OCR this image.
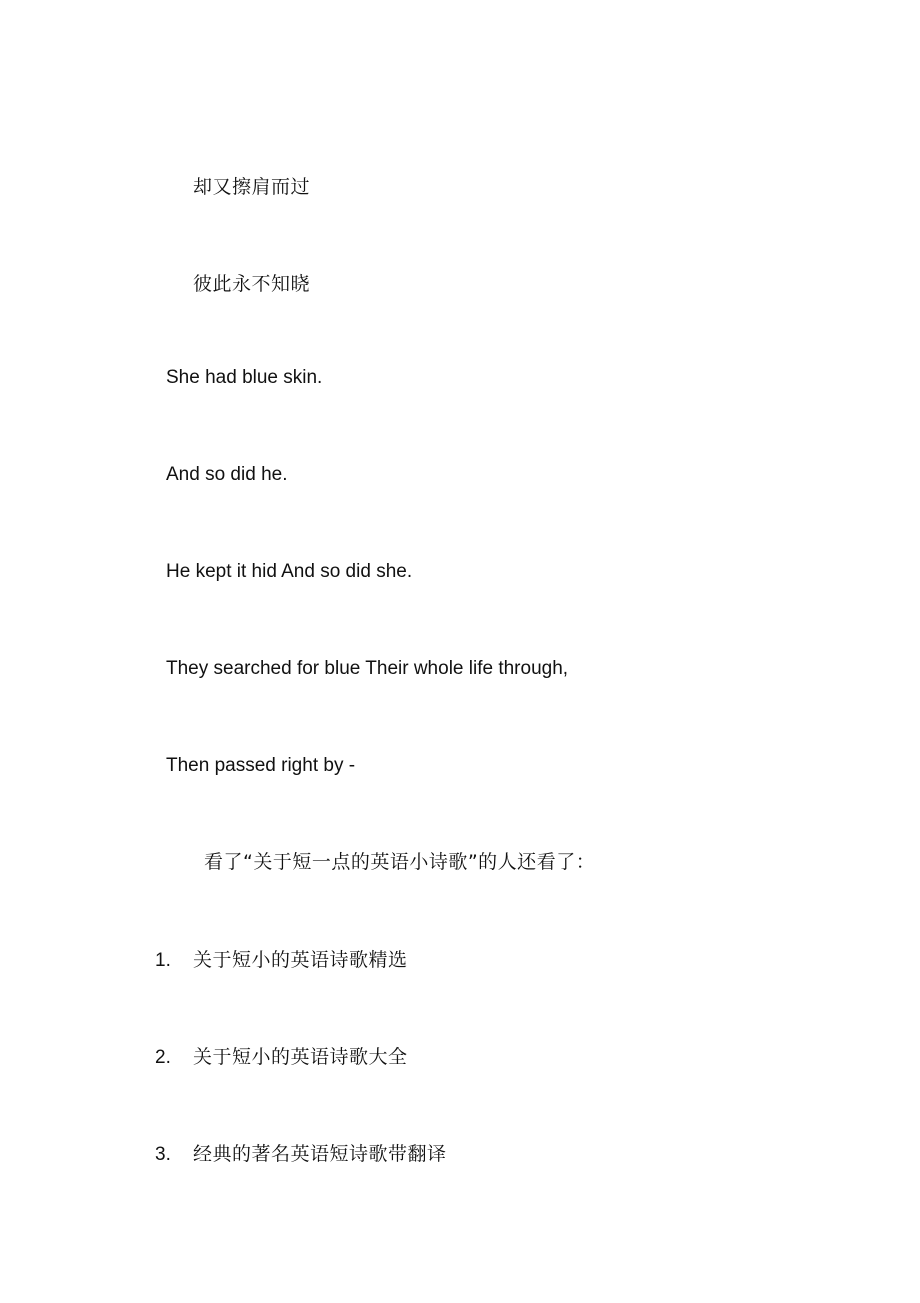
却又擦肩而过
彼此永不知晓
She had blue skin.
And so did he.
He kept it hid And so did she.
They searched for blue Their whole life through,
Then passed right by -
看了“关于短一点的英语小诗歌”的人还看了：
1. 关于短小的英语诗歌精选
2. 关于短小的英语诗歌大全
3. 经典的著名英语短诗歌带翻译
